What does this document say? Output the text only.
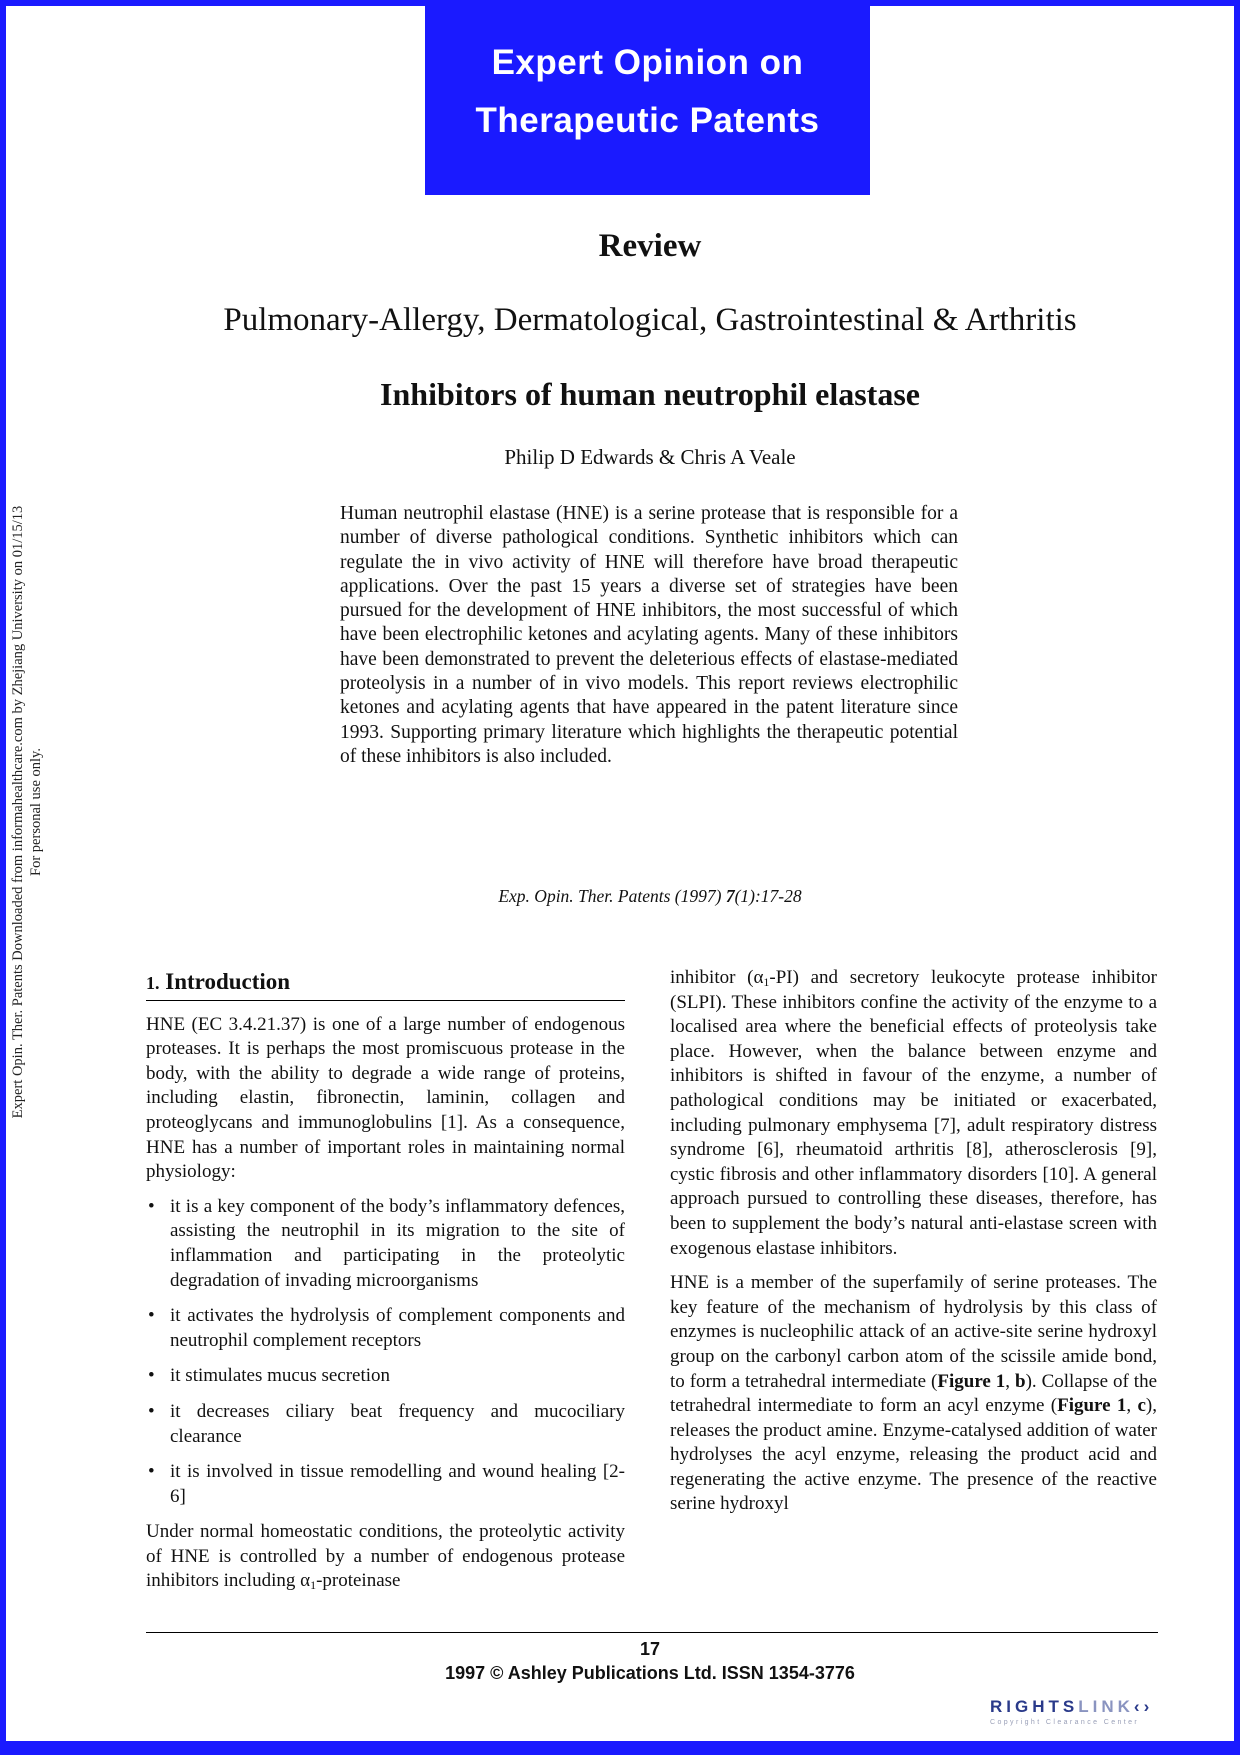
Expert Opinion on
Therapeutic Patents
Expert Opin. Ther. Patents Downloaded from informahealthcare.com by Zhejiang University on 01/15/13 For personal use only.
Review
Pulmonary-Allergy, Dermatological, Gastrointestinal & Arthritis
Inhibitors of human neutrophil elastase
Philip D Edwards & Chris A Veale
Human neutrophil elastase (HNE) is a serine protease that is responsible for a number of diverse pathological conditions. Synthetic inhibitors which can regulate the in vivo activity of HNE will therefore have broad therapeutic applications. Over the past 15 years a diverse set of strategies have been pursued for the development of HNE inhibitors, the most successful of which have been electrophilic ketones and acylating agents. Many of these inhibitors have been demonstrated to prevent the deleterious effects of elastase-mediated proteolysis in a number of in vivo models. This report reviews electrophilic ketones and acylating agents that have appeared in the patent literature since 1993. Supporting primary literature which highlights the therapeutic potential of these inhibitors is also included.
Exp. Opin. Ther. Patents (1997) 7(1):17-28
1. Introduction

HNE (EC 3.4.21.37) is one of a large number of endogenous proteases. It is perhaps the most promiscuous protease in the body, with the ability to degrade a wide range of proteins, including elastin, fibronectin, laminin, collagen and proteoglycans and immunoglobulins [1]. As a consequence, HNE has a number of important roles in maintaining normal physiology:

• it is a key component of the body’s inflammatory defences, assisting the neutrophil in its migration to the site of inflammation and participating in the proteolytic degradation of invading microorganisms
• it activates the hydrolysis of complement components and neutrophil complement receptors
• it stimulates mucus secretion
• it decreases ciliary beat frequency and mucociliary clearance
• it is involved in tissue remodelling and wound healing [2-6]

Under normal homeostatic conditions, the proteolytic activity of HNE is controlled by a number of endogenous protease inhibitors including $\alpha_1$-proteinase

inhibitor $(\alpha_1-PI)$ and secretory leukocyte protease inhibitor (SLPI). These inhibitors confine the activity of the enzyme to a localised area where the beneficial effects of proteolysis take place. However, when the balance between enzyme and inhibitors is shifted in favour of the enzyme, a number of pathological conditions may be initiated or exacerbated, including pulmonary emphysema [7], adult respiratory distress syndrome [6], rheumatoid arthritis [8], atherosclerosis [9], cystic fibrosis and other inflammatory disorders [10]. A general approach pursued to controlling these diseases, therefore, has been to supplement the body’s natural anti-elastase screen with exogenous elastase inhibitors.

HNE is a member of the superfamily of serine proteases. The key feature of the mechanism of hydrolysis by this class of enzymes is nucleophilic attack of an active-site serine hydroxyl group on the carbonyl carbon atom of the scissile amide bond, to form a tetrahedral intermediate (Figure 1, b). Collapse of the tetrahedral intermediate to form an acyl enzyme (Figure 1, c), releases the product amine. Enzyme-catalysed addition of water hydrolyses the acyl enzyme, releasing the product acid and regenerating the active enzyme. The presence of the reactive serine hydroxyl

17
1997 © Ashley Publications Ltd. ISSN 1354-3776
RIGHTSLINK‹›
Copyright Clearance Center
